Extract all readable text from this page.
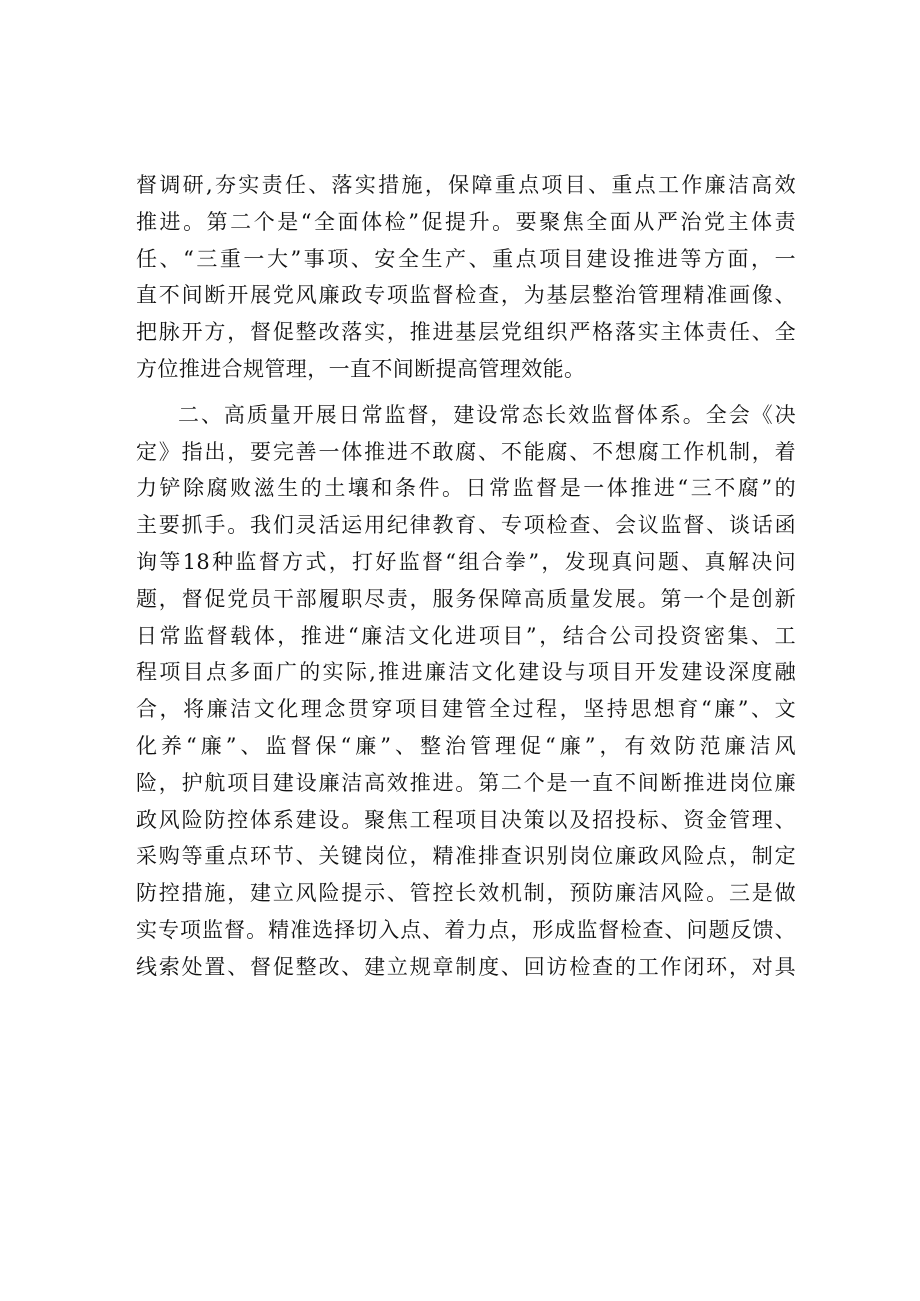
督调研,夯实责任、落实措施，保障重点项目、重点工作廉洁高效
推进。第二个是“全面体检”促提升。要聚焦全面从严治党主体责
任、“三重一大”事项、安全生产、重点项目建设推进等方面，一
直不间断开展党风廉政专项监督检查，为基层整治管理精准画像、
把脉开方，督促整改落实，推进基层党组织严格落实主体责任、全
方位推进合规管理，一直不间断提高管理效能。

二、高质量开展日常监督，建设常态长效监督体系。全会《决
定》指出，要完善一体推进不敢腐、不能腐、不想腐工作机制，着
力铲除腐败滋生的土壤和条件。日常监督是一体推进“三不腐”的
主要抓手。我们灵活运用纪律教育、专项检查、会议监督、谈话函
询等18种监督方式，打好监督“组合拳”，发现真问题、真解决问
题，督促党员干部履职尽责，服务保障高质量发展。第一个是创新
日常监督载体，推进“廉洁文化进项目”，结合公司投资密集、工
程项目点多面广的实际,推进廉洁文化建设与项目开发建设深度融
合，将廉洁文化理念贯穿项目建管全过程，坚持思想育“廉”、文
化养“廉”、监督保“廉”、整治管理促“廉”，有效防范廉洁风
险，护航项目建设廉洁高效推进。第二个是一直不间断推进岗位廉
政风险防控体系建设。聚焦工程项目决策以及招投标、资金管理、
采购等重点环节、关键岗位，精准排查识别岗位廉政风险点，制定
防控措施，建立风险提示、管控长效机制，预防廉洁风险。三是做
实专项监督。精准选择切入点、着力点，形成监督检查、问题反馈、
线索处置、督促整改、建立规章制度、回访检查的工作闭环，对具
